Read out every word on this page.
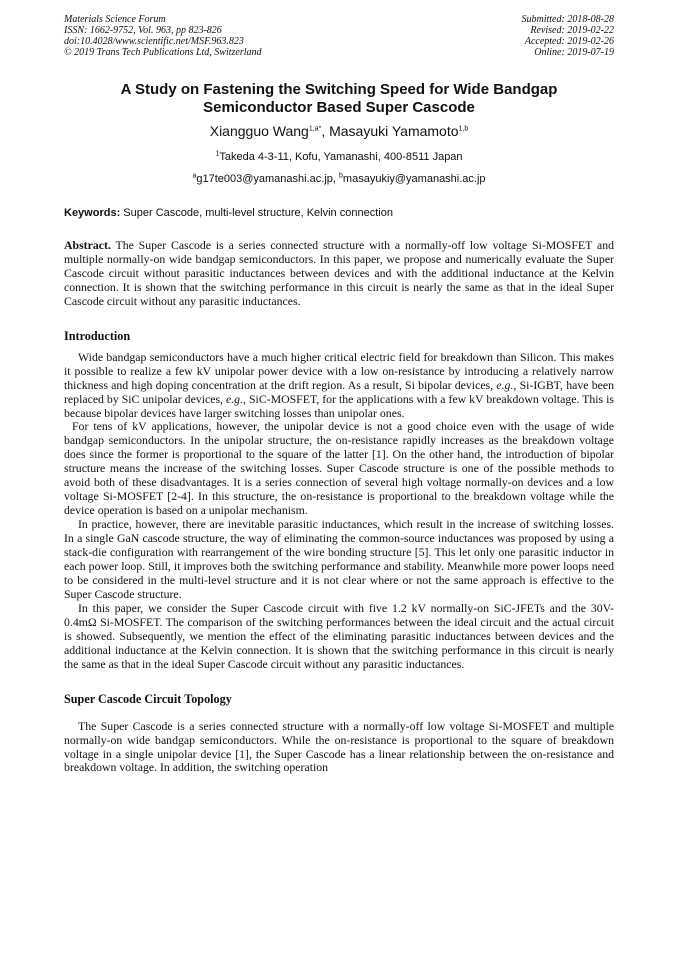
Materials Science Forum
ISSN: 1662-9752, Vol. 963, pp 823-826
doi:10.4028/www.scientific.net/MSF.963.823
© 2019 Trans Tech Publications Ltd, Switzerland
Submitted: 2018-08-28
Revised: 2019-02-22
Accepted: 2019-02-26
Online: 2019-07-19
A Study on Fastening the Switching Speed for Wide Bandgap
Semiconductor Based Super Cascode
Xiangguo Wang$^{1,a*}$, Masayuki Yamamoto$^{1,b}$
$^1$Takeda 4-3-11, Kofu, Yamanashi, 400-8511 Japan
$^a$g17te003@yamanashi.ac.jp, $^b$masayukiy@yamanashi.ac.jp
Keywords: Super Cascode, multi-level structure, Kelvin connection

Abstract. The Super Cascode is a series connected structure with a normally-off low voltage Si-MOSFET and multiple normally-on wide bandgap semiconductors. In this paper, we propose and numerically evaluate the Super Cascode circuit without parasitic inductances between devices and with the additional inductance at the Kelvin connection. It is shown that the switching performance in this circuit is nearly the same as that in the ideal Super Cascode circuit without any parasitic inductances.

Introduction

Wide bandgap semiconductors have a much higher critical electric field for breakdown than Silicon. This makes it possible to realize a few kV unipolar power device with a low on-resistance by introducing a relatively narrow thickness and high doping concentration at the drift region. As a result, Si bipolar devices, e.g., Si-IGBT, have been replaced by SiC unipolar devices, e.g., SiC-MOSFET, for the applications with a few kV breakdown voltage. This is because bipolar devices have larger switching losses than unipolar ones.

For tens of kV applications, however, the unipolar device is not a good choice even with the usage of wide bandgap semiconductors. In the unipolar structure, the on-resistance rapidly increases as the breakdown voltage does since the former is proportional to the square of the latter [1]. On the other hand, the introduction of bipolar structure means the increase of the switching losses. Super Cascode structure is one of the possible methods to avoid both of these disadvantages. It is a series connection of several high voltage normally-on devices and a low voltage Si-MOSFET [2-4]. In this structure, the on-resistance is proportional to the breakdown voltage while the device operation is based on a unipolar mechanism.

In practice, however, there are inevitable parasitic inductances, which result in the increase of switching losses. In a single GaN cascode structure, the way of eliminating the common-source inductances was proposed by using a stack-die configuration with rearrangement of the wire bonding structure [5]. This let only one parasitic inductor in each power loop. Still, it improves both the switching performance and stability. Meanwhile more power loops need to be considered in the multi-level structure and it is not clear where or not the same approach is effective to the Super Cascode structure.

In this paper, we consider the Super Cascode circuit with five 1.2 kV normally-on SiC-JFETs and the 30V-0.4mΩ Si-MOSFET. The comparison of the switching performances between the ideal circuit and the actual circuit is showed. Subsequently, we mention the effect of the eliminating parasitic inductances between devices and the additional inductance at the Kelvin connection. It is shown that the switching performance in this circuit is nearly the same as that in the ideal Super Cascode circuit without any parasitic inductances.

Super Cascode Circuit Topology

The Super Cascode is a series connected structure with a normally-off low voltage Si-MOSFET and multiple normally-on wide bandgap semiconductors. While the on-resistance is proportional to the square of breakdown voltage in a single unipolar device [1], the Super Cascode has a linear relationship between the on-resistance and breakdown voltage. In addition, the switching operation
